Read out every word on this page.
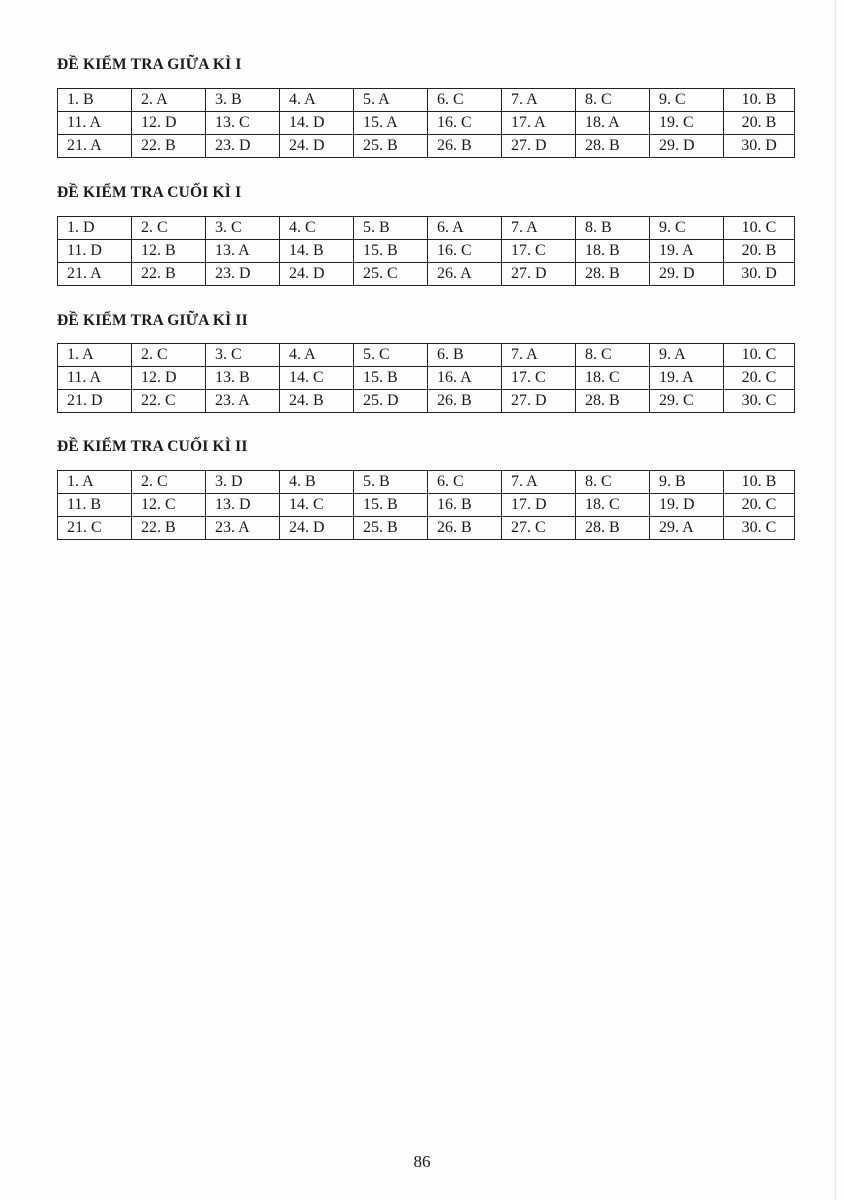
ĐỀ KIỂM TRA GIỮA KÌ I
1. B	2. A	3. B	4. A	5. A	6. C	7. A	8. C	9. C	10. B
11. A	12. D	13. C	14. D	15. A	16. C	17. A	18. A	19. C	20. B
21. A	22. B	23. D	24. D	25. B	26. B	27. D	28. B	29. D	30. D
ĐỀ KIỂM TRA CUỐI KÌ I
1. D	2. C	3. C	4. C	5. B	6. A	7. A	8. B	9. C	10. C
11. D	12. B	13. A	14. B	15. B	16. C	17. C	18. B	19. A	20. B
21. A	22. B	23. D	24. D	25. C	26. A	27. D	28. B	29. D	30. D
ĐỀ KIỂM TRA GIỮA KÌ II
1. A	2. C	3. C	4. A	5. C	6. B	7. A	8. C	9. A	10. C
11. A	12. D	13. B	14. C	15. B	16. A	17. C	18. C	19. A	20. C
21. D	22. C	23. A	24. B	25. D	26. B	27. D	28. B	29. C	30. C
ĐỀ KIỂM TRA CUỐI KÌ II
1. A	2. C	3. D	4. B	5. B	6. C	7. A	8. C	9. B	10. B
11. B	12. C	13. D	14. C	15. B	16. B	17. D	18. C	19. D	20. C
21. C	22. B	23. A	24. D	25. B	26. B	27. C	28. B	29. A	30. C
86
